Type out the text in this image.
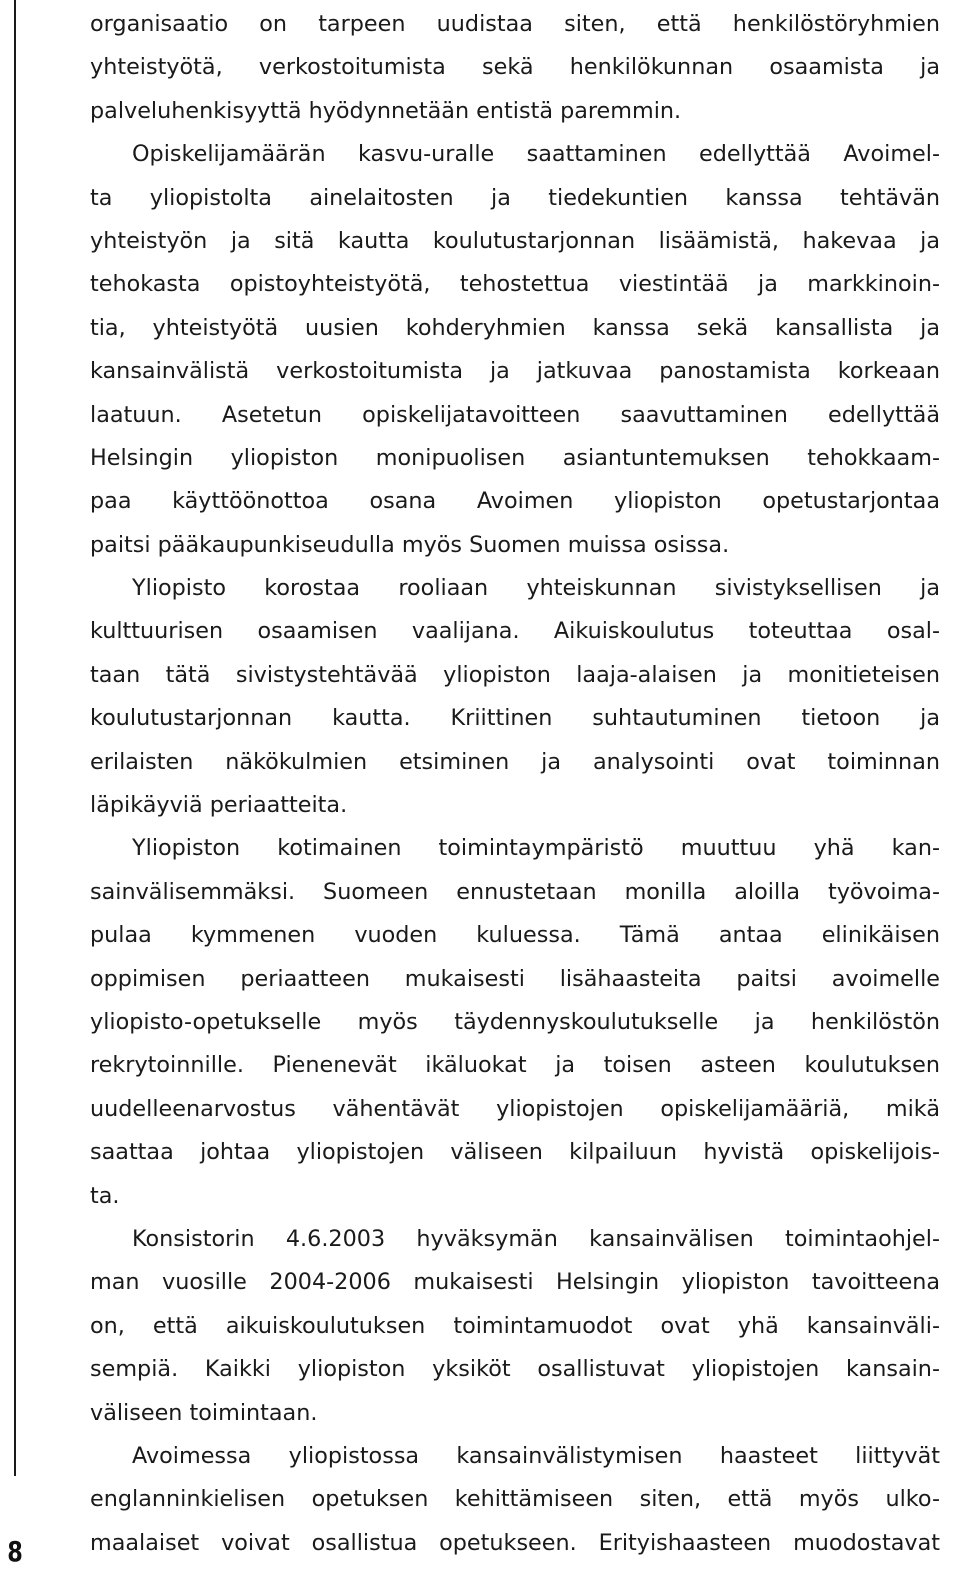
8
organisaatio on tarpeen uudistaa siten, että henkilöstöryhmien
yhteistyötä, verkostoitumista sekä henkilökunnan osaamista ja
palveluhenkisyyttä hyödynnetään entistä paremmin.
Opiskelijamäärän kasvu-uralle saattaminen edellyttää Avoimel-
ta yliopistolta ainelaitosten ja tiedekuntien kanssa tehtävän
yhteistyön ja sitä kautta koulutustarjonnan lisäämistä, hakevaa ja
tehokasta opistoyhteistyötä, tehostettua viestintää ja markkinoin-
tia, yhteistyötä uusien kohderyhmien kanssa sekä kansallista ja
kansainvälistä verkostoitumista ja jatkuvaa panostamista korkeaan
laatuun. Asetetun opiskelijatavoitteen saavuttaminen edellyttää
Helsingin yliopiston monipuolisen asiantuntemuksen tehokkaam-
paa käyttöönottoa osana Avoimen yliopiston opetustarjontaa
paitsi pääkaupunkiseudulla myös Suomen muissa osissa.
Yliopisto korostaa rooliaan yhteiskunnan sivistyksellisen ja
kulttuurisen osaamisen vaalijana. Aikuiskoulutus toteuttaa osal-
taan tätä sivistystehtävää yliopiston laaja-alaisen ja monitieteisen
koulutustarjonnan kautta. Kriittinen suhtautuminen tietoon ja
erilaisten näkökulmien etsiminen ja analysointi ovat toiminnan
läpikäyviä periaatteita.
Yliopiston kotimainen toimintaympäristö muuttuu yhä kan-
sainvälisemmäksi. Suomeen ennustetaan monilla aloilla työvoima-
pulaa kymmenen vuoden kuluessa. Tämä antaa elinikäisen
oppimisen periaatteen mukaisesti lisähaasteita paitsi avoimelle
yliopisto-opetukselle myös täydennyskoulutukselle ja henkilöstön
rekrytoinnille. Pienenevät ikäluokat ja toisen asteen koulutuksen
uudelleenarvostus vähentävät yliopistojen opiskelijamääriä, mikä
saattaa johtaa yliopistojen väliseen kilpailuun hyvistä opiskelijois-
ta.
Konsistorin 4.6.2003 hyväksymän kansainvälisen toimintaohjel-
man vuosille 2004-2006 mukaisesti Helsingin yliopiston tavoitteena
on, että aikuiskoulutuksen toimintamuodot ovat yhä kansainväli-
sempiä. Kaikki yliopiston yksiköt osallistuvat yliopistojen kansain-
väliseen toimintaan.
Avoimessa yliopistossa kansainvälistymisen haasteet liittyvät
englanninkielisen opetuksen kehittämiseen siten, että myös ulko-
maalaiset voivat osallistua opetukseen. Erityishaasteen muodostavat
